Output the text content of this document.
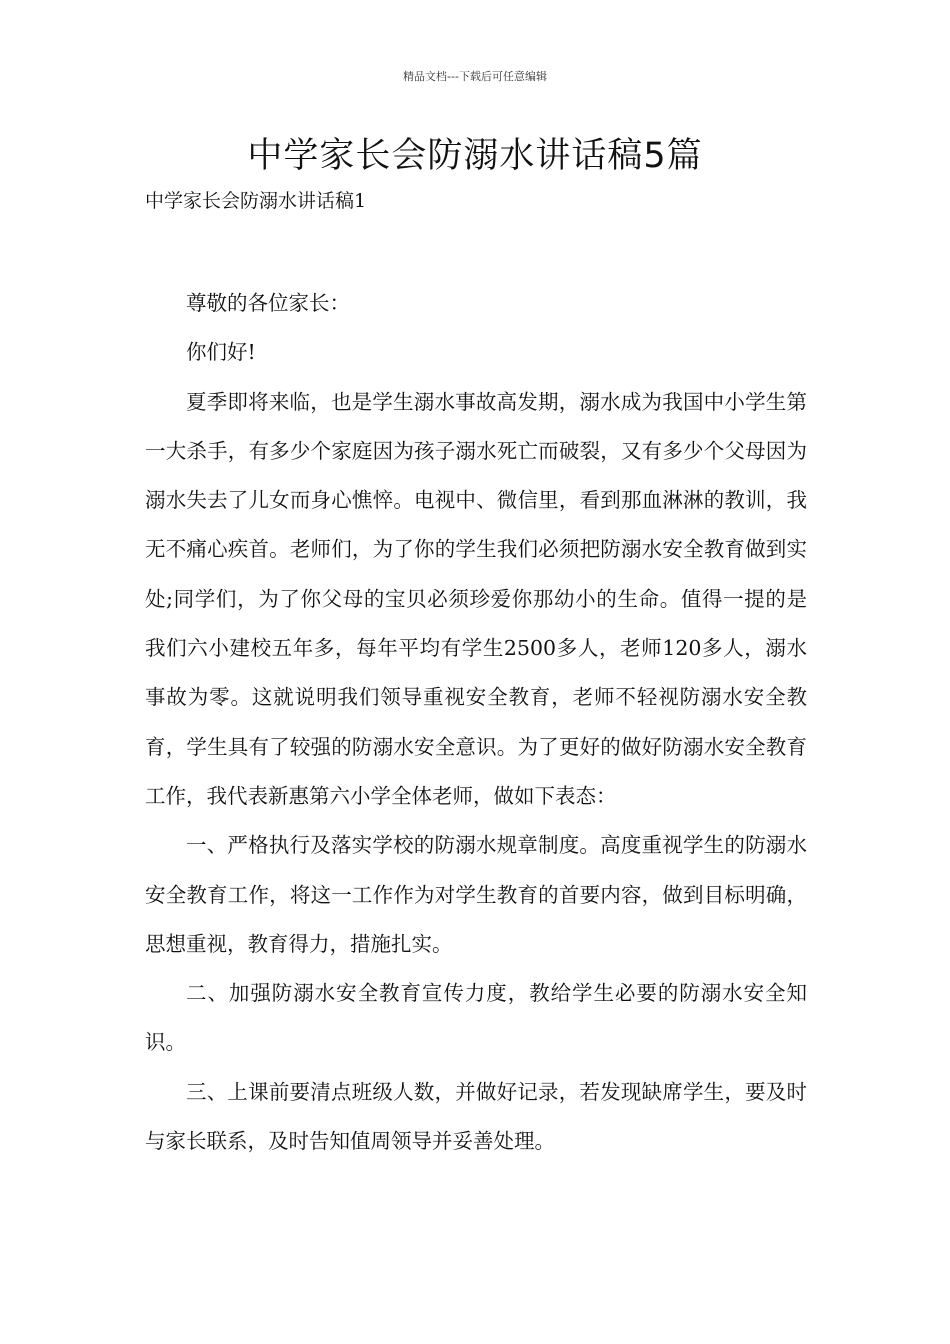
精品文档---下载后可任意编辑
中学家长会防溺水讲话稿5篇

中学家长会防溺水讲话稿1

尊敬的各位家长：

你们好!

夏季即将来临，也是学生溺水事故高发期，溺水成为我国中小学生第一大杀手，有多少个家庭因为孩子溺水死亡而破裂，又有多少个父母因为溺水失去了儿女而身心憔悴。电视中、微信里，看到那血淋淋的教训，我无不痛心疾首。老师们，为了你的学生我们必须把防溺水安全教育做到实处;同学们，为了你父母的宝贝必须珍爱你那幼小的生命。值得一提的是我们六小建校五年多，每年平均有学生2500多人，老师120多人，溺水事故为零。这就说明我们领导重视安全教育，老师不轻视防溺水安全教育，学生具有了较强的防溺水安全意识。为了更好的做好防溺水安全教育工作，我代表新惠第六小学全体老师，做如下表态：

一、严格执行及落实学校的防溺水规章制度。高度重视学生的防溺水安全教育工作，将这一工作作为对学生教育的首要内容，做到目标明确，思想重视，教育得力，措施扎实。

二、加强防溺水安全教育宣传力度，教给学生必要的防溺水安全知识。

三、上课前要清点班级人数，并做好记录，若发现缺席学生，要及时与家长联系，及时告知值周领导并妥善处理。
